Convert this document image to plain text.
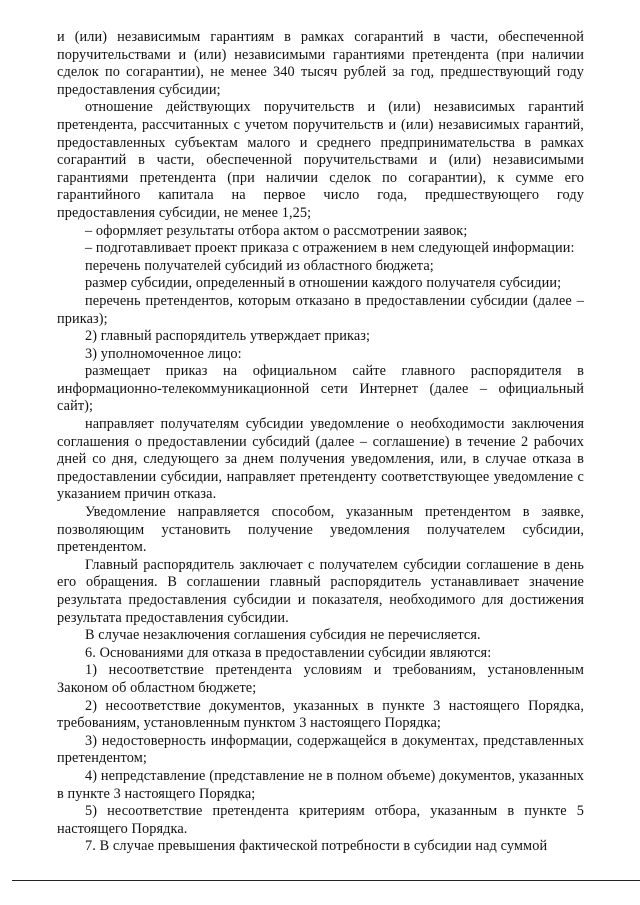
и (или) независимым гарантиям в рамках согарантий в части, обеспеченной поручительствами и (или) независимыми гарантиями претендента (при наличии сделок по согарантии), не менее 340 тысяч рублей за год, предшествующий году предоставления субсидии;

отношение действующих поручительств и (или) независимых гарантий претендента, рассчитанных с учетом поручительств и (или) независимых гарантий, предоставленных субъектам малого и среднего предпринимательства в рамках согарантий в части, обеспеченной поручительствами и (или) независимыми гарантиями претендента (при наличии сделок по согарантии), к сумме его гарантийного капитала на первое число года, предшествующего году предоставления субсидии, не менее 1,25;

– оформляет результаты отбора актом о рассмотрении заявок;

– подготавливает проект приказа с отражением в нем следующей информации:

перечень получателей субсидий из областного бюджета;

размер субсидии, определенный в отношении каждого получателя субсидии;

перечень претендентов, которым отказано в предоставлении субсидии (далее – приказ);

2) главный распорядитель утверждает приказ;

3) уполномоченное лицо:

размещает приказ на официальном сайте главного распорядителя в информационно-телекоммуникационной сети Интернет (далее – официальный сайт);

направляет получателям субсидии уведомление о необходимости заключения соглашения о предоставлении субсидий (далее – соглашение) в течение 2 рабочих дней со дня, следующего за днем получения уведомления, или, в случае отказа в предоставлении субсидии, направляет претенденту соответствующее уведомление с указанием причин отказа.

Уведомление направляется способом, указанным претендентом в заявке, позволяющим установить получение уведомления получателем субсидии, претендентом.

Главный распорядитель заключает с получателем субсидии соглашение в день его обращения. В соглашении главный распорядитель устанавливает значение результата предоставления субсидии и показателя, необходимого для достижения результата предоставления субсидии.

В случае незаключения соглашения субсидия не перечисляется.

6. Основаниями для отказа в предоставлении субсидии являются:

1) несоответствие претендента условиям и требованиям, установленным Законом об областном бюджете;

2) несоответствие документов, указанных в пункте 3 настоящего Порядка, требованиям, установленным пунктом 3 настоящего Порядка;

3) недостоверность информации, содержащейся в документах, представленных претендентом;

4) непредставление (представление не в полном объеме) документов, указанных в пункте 3 настоящего Порядка;

5) несоответствие претендента критериям отбора, указанным в пункте 5 настоящего Порядка.

7. В случае превышения фактической потребности в субсидии над суммой
